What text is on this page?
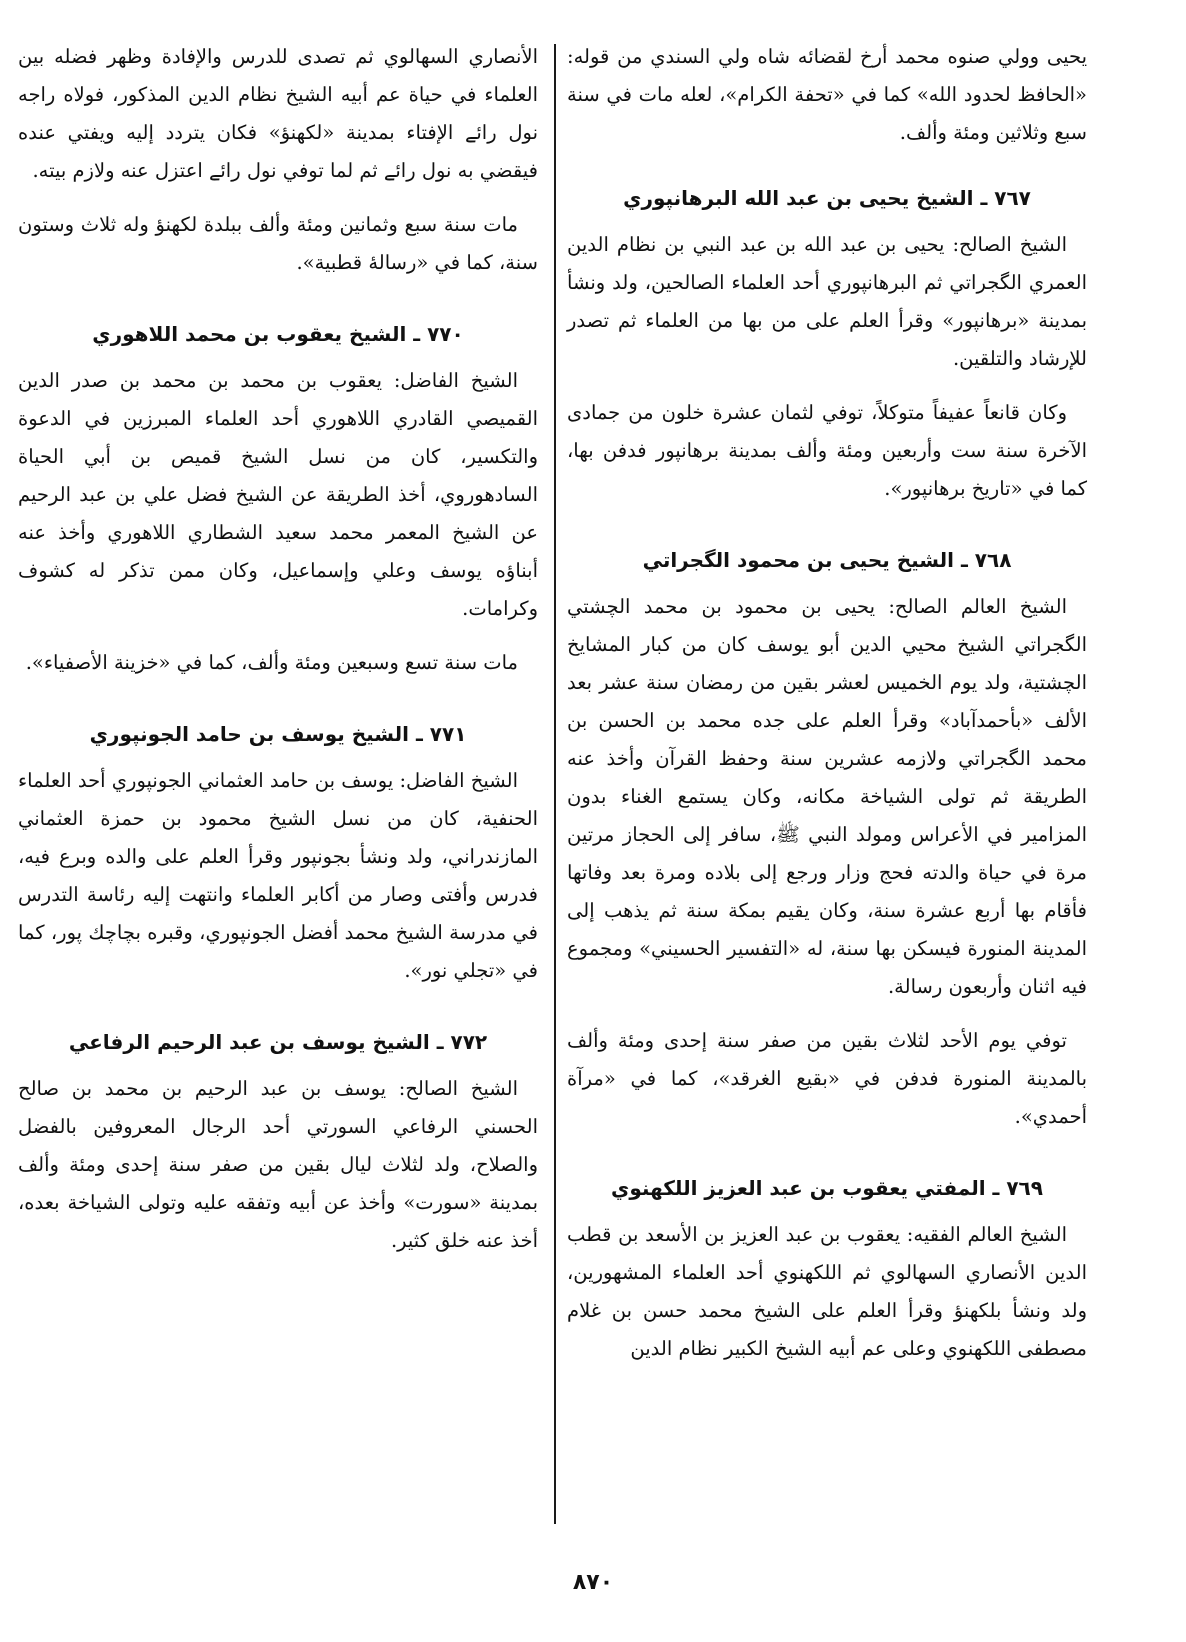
يحيى وولي صنوه محمد أرخ لقضائه شاه ولي السندي من قوله: «الحافظ لحدود الله» كما في «تحفة الكرام»، لعله مات في سنة سبع وثلاثين ومئة وألف.

٧٦٧ ـ الشيخ يحيى بن عبد الله البرهانپوري

الشيخ الصالح: يحيى بن عبد الله بن عبد النبي بن نظام الدين العمري الگجراتي ثم البرهانپوري أحد العلماء الصالحين، ولد ونشأ بمدينة «برهانپور» وقرأ العلم على من بها من العلماء ثم تصدر للإرشاد والتلقين.

وكان قانعاً عفيفاً متوكلاً، توفي لثمان عشرة خلون من جمادى الآخرة سنة ست وأربعين ومئة وألف بمدينة برهانپور فدفن بها، كما في «تاريخ برهانپور».

٧٦٨ ـ الشيخ يحيى بن محمود الگجراتي

الشيخ العالم الصالح: يحيى بن محمود بن محمد الچشتي الگجراتي الشيخ محيي الدين أبو يوسف كان من كبار المشايخ الچشتية، ولد يوم الخميس لعشر بقين من رمضان سنة عشر بعد الألف «بأحمدآباد» وقرأ العلم على جده محمد بن الحسن بن محمد الگجراتي ولازمه عشرين سنة وحفظ القرآن وأخذ عنه الطريقة ثم تولى الشياخة مكانه، وكان يستمع الغناء بدون المزامير في الأعراس ومولد النبي ﷺ، سافر إلى الحجاز مرتين مرة في حياة والدته فحج وزار ورجع إلى بلاده ومرة بعد وفاتها فأقام بها أربع عشرة سنة، وكان يقيم بمكة سنة ثم يذهب إلى المدينة المنورة فيسكن بها سنة، له «التفسير الحسيني» ومجموع فيه اثنان وأربعون رسالة.

توفي يوم الأحد لثلاث بقين من صفر سنة إحدى ومئة وألف بالمدينة المنورة فدفن في «بقيع الغرقد»، كما في «مرآة أحمدي».

٧٦٩ ـ المفتي يعقوب بن عبد العزيز اللكهنوي

الشيخ العالم الفقيه: يعقوب بن عبد العزيز بن الأسعد بن قطب الدين الأنصاري السهالوي ثم اللكهنوي أحد العلماء المشهورين، ولد ونشأ بلكهنؤ وقرأ العلم على الشيخ محمد حسن بن غلام مصطفى اللكهنوي وعلى عم أبيه الشيخ الكبير نظام الدين

الأنصاري السهالوي ثم تصدى للدرس والإفادة وظهر فضله بين العلماء في حياة عم أبيه الشيخ نظام الدين المذكور، فولاه راجه نول رائے الإفتاء بمدينة «لكهنؤ» فكان يتردد إليه ويفتي عنده فيقضي به نول رائے ثم لما توفي نول رائے اعتزل عنه ولازم بيته.

مات سنة سبع وثمانين ومئة وألف ببلدة لكهنؤ وله ثلاث وستون سنة، كما في «رسالهٔ قطبية».

٧٧٠ ـ الشيخ يعقوب بن محمد اللاهوري

الشيخ الفاضل: يعقوب بن محمد بن محمد بن صدر الدين القميصي القادري اللاهوري أحد العلماء المبرزين في الدعوة والتكسير، كان من نسل الشيخ قميص بن أبي الحياة السادهوروي، أخذ الطريقة عن الشيخ فضل علي بن عبد الرحيم عن الشيخ المعمر محمد سعيد الشطاري اللاهوري وأخذ عنه أبناؤه يوسف وعلي وإسماعيل، وكان ممن تذكر له كشوف وكرامات.

مات سنة تسع وسبعين ومئة وألف، كما في «خزينة الأصفياء».

٧٧١ ـ الشيخ يوسف بن حامد الجونپوري

الشيخ الفاضل: يوسف بن حامد العثماني الجونپوري أحد العلماء الحنفية، كان من نسل الشيخ محمود بن حمزة العثماني المازندراني، ولد ونشأ بجونپور وقرأ العلم على والده وبرع فيه، فدرس وأفتى وصار من أكابر العلماء وانتهت إليه رئاسة التدرس في مدرسة الشيخ محمد أفضل الجونپوري، وقبره بچاچك پور، كما في «تجلي نور».

٧٧٢ ـ الشيخ يوسف بن عبد الرحيم الرفاعي

الشيخ الصالح: يوسف بن عبد الرحيم بن محمد بن صالح الحسني الرفاعي السورتي أحد الرجال المعروفين بالفضل والصلاح، ولد لثلاث ليال بقين من صفر سنة إحدى ومئة وألف بمدينة «سورت» وأخذ عن أبيه وتفقه عليه وتولى الشياخة بعده، أخذ عنه خلق كثير.

٨٧٠
